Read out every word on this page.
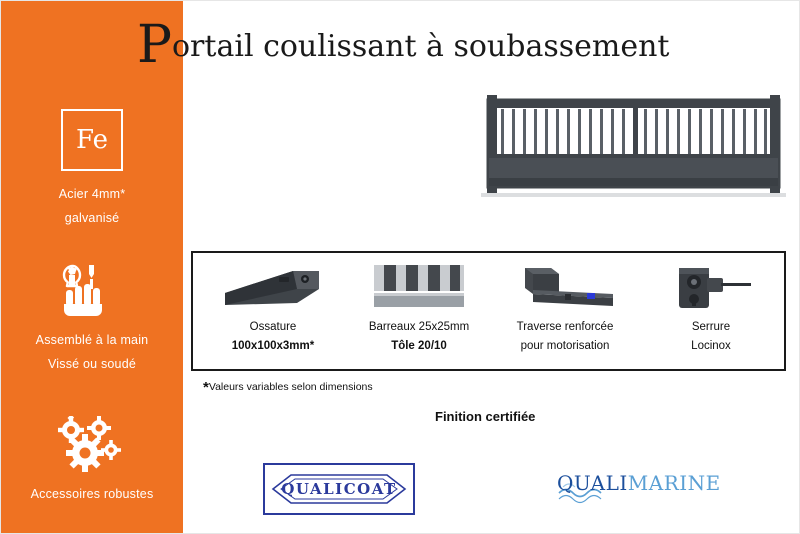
Fe
Acier 4mm*
galvanisé
Assemblé à la main
Vissé ou soudé
Accessoires robustes
Portail coulissant à soubassement
Ossature
100x100x3mm*
Barreaux 25x25mm
Tôle 20/10
Traverse renforcée
pour motorisation
Serrure
Locinox
*Valeurs variables selon dimensions
Finition certifiée
QUALICOAT	QUALIMARINE
